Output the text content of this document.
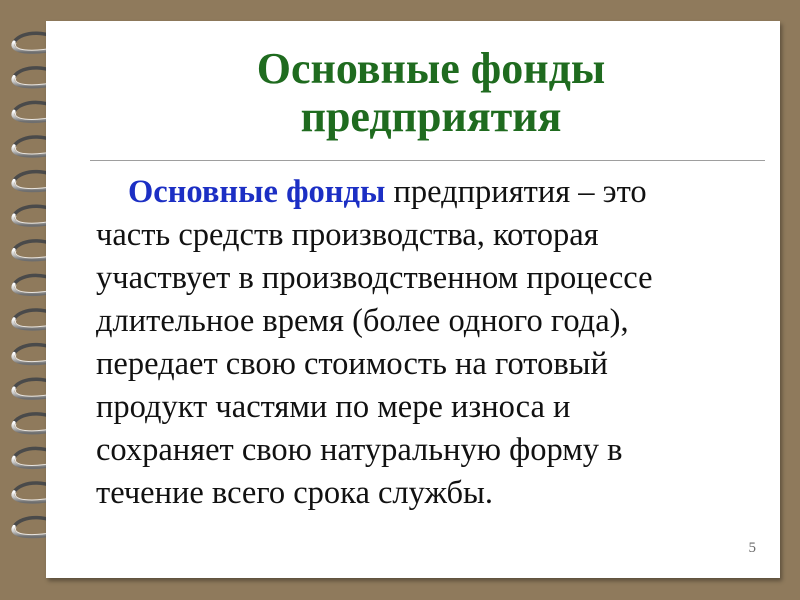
Основные фонды
предприятия

Основные фонды предприятия – это
часть средств производства, которая
участвует в производственном процессе
длительное время (более одного года),
передает свою стоимость на готовый
продукт частями по мере износа и
сохраняет свою натуральную форму в
течение всего срока службы.

5
